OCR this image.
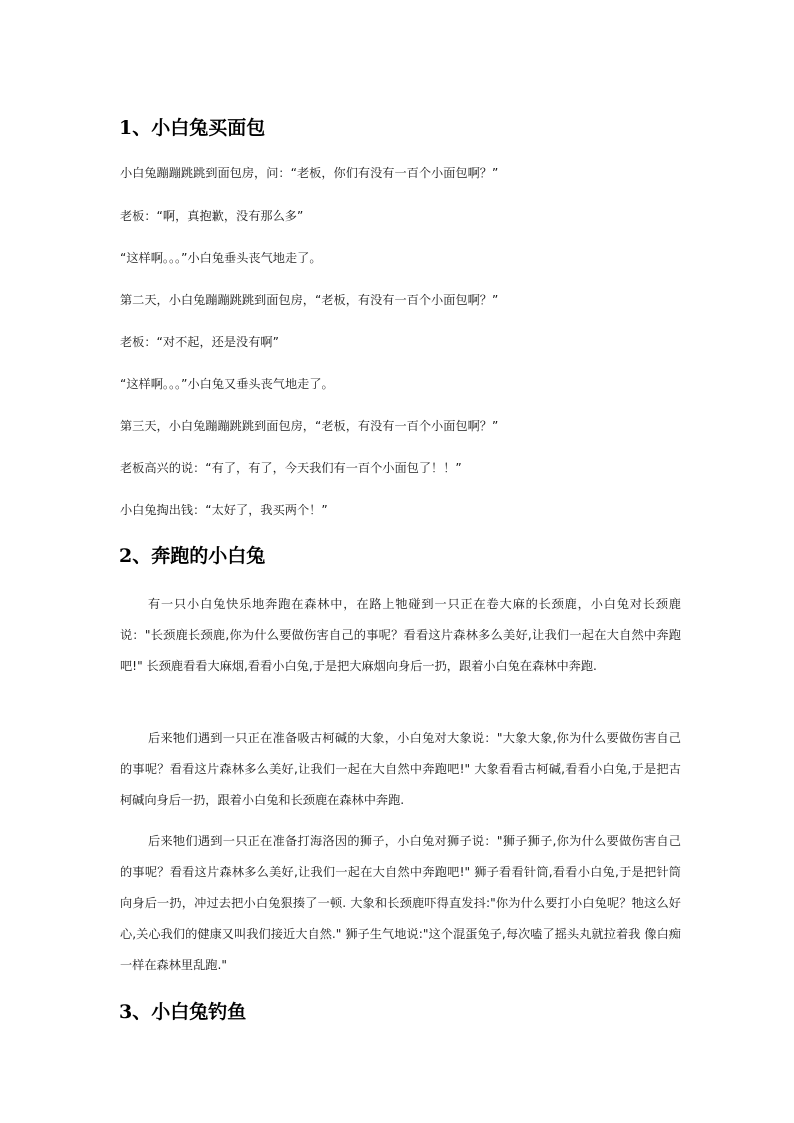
1、小白兔买面包
小白兔蹦蹦跳跳到面包房，问：“老板，你们有没有一百个小面包啊？”
老板：“啊，真抱歉，没有那么多”
“这样啊。。。”小白兔垂头丧气地走了。
第二天，小白兔蹦蹦跳跳到面包房，“老板，有没有一百个小面包啊？”
老板：“对不起，还是没有啊”
“这样啊。。。”小白兔又垂头丧气地走了。
第三天，小白兔蹦蹦跳跳到面包房，“老板，有没有一百个小面包啊？”
老板高兴的说：“有了，有了，今天我们有一百个小面包了！！”
小白兔掏出钱：“太好了，我买两个！”
2、奔跑的小白兔

有一只小白兔快乐地奔跑在森林中，在路上牠碰到一只正在卷大麻的长颈鹿，小白兔对长颈鹿说："长颈鹿长颈鹿,你为什么要做伤害自己的事呢？看看这片森林多么美好,让我们一起在大自然中奔跑吧!" 长颈鹿看看大麻烟,看看小白兔,于是把大麻烟向身后一扔，跟着小白兔在森林中奔跑.

后来牠们遇到一只正在准备吸古柯碱的大象，小白兔对大象说："大象大象,你为什么要做伤害自己的事呢？看看这片森林多么美好,让我们一起在大自然中奔跑吧!" 大象看看古柯碱,看看小白兔,于是把古柯碱向身后一扔，跟着小白兔和长颈鹿在森林中奔跑.

后来牠们遇到一只正在准备打海洛因的狮子，小白兔对狮子说："狮子狮子,你为什么要做伤害自己的事呢？看看这片森林多么美好,让我们一起在大自然中奔跑吧!" 狮子看看针筒,看看小白兔,于是把针筒向身后一扔，冲过去把小白兔狠揍了一顿. 大象和长颈鹿吓得直发抖:"你为什么要打小白兔呢？牠这么好心,关心我们的健康又叫我们接近大自然." 狮子生气地说:"这个混蛋兔子,每次嗑了摇头丸就拉着我 像白痴一样在森林里乱跑."

3、小白兔钓鱼
